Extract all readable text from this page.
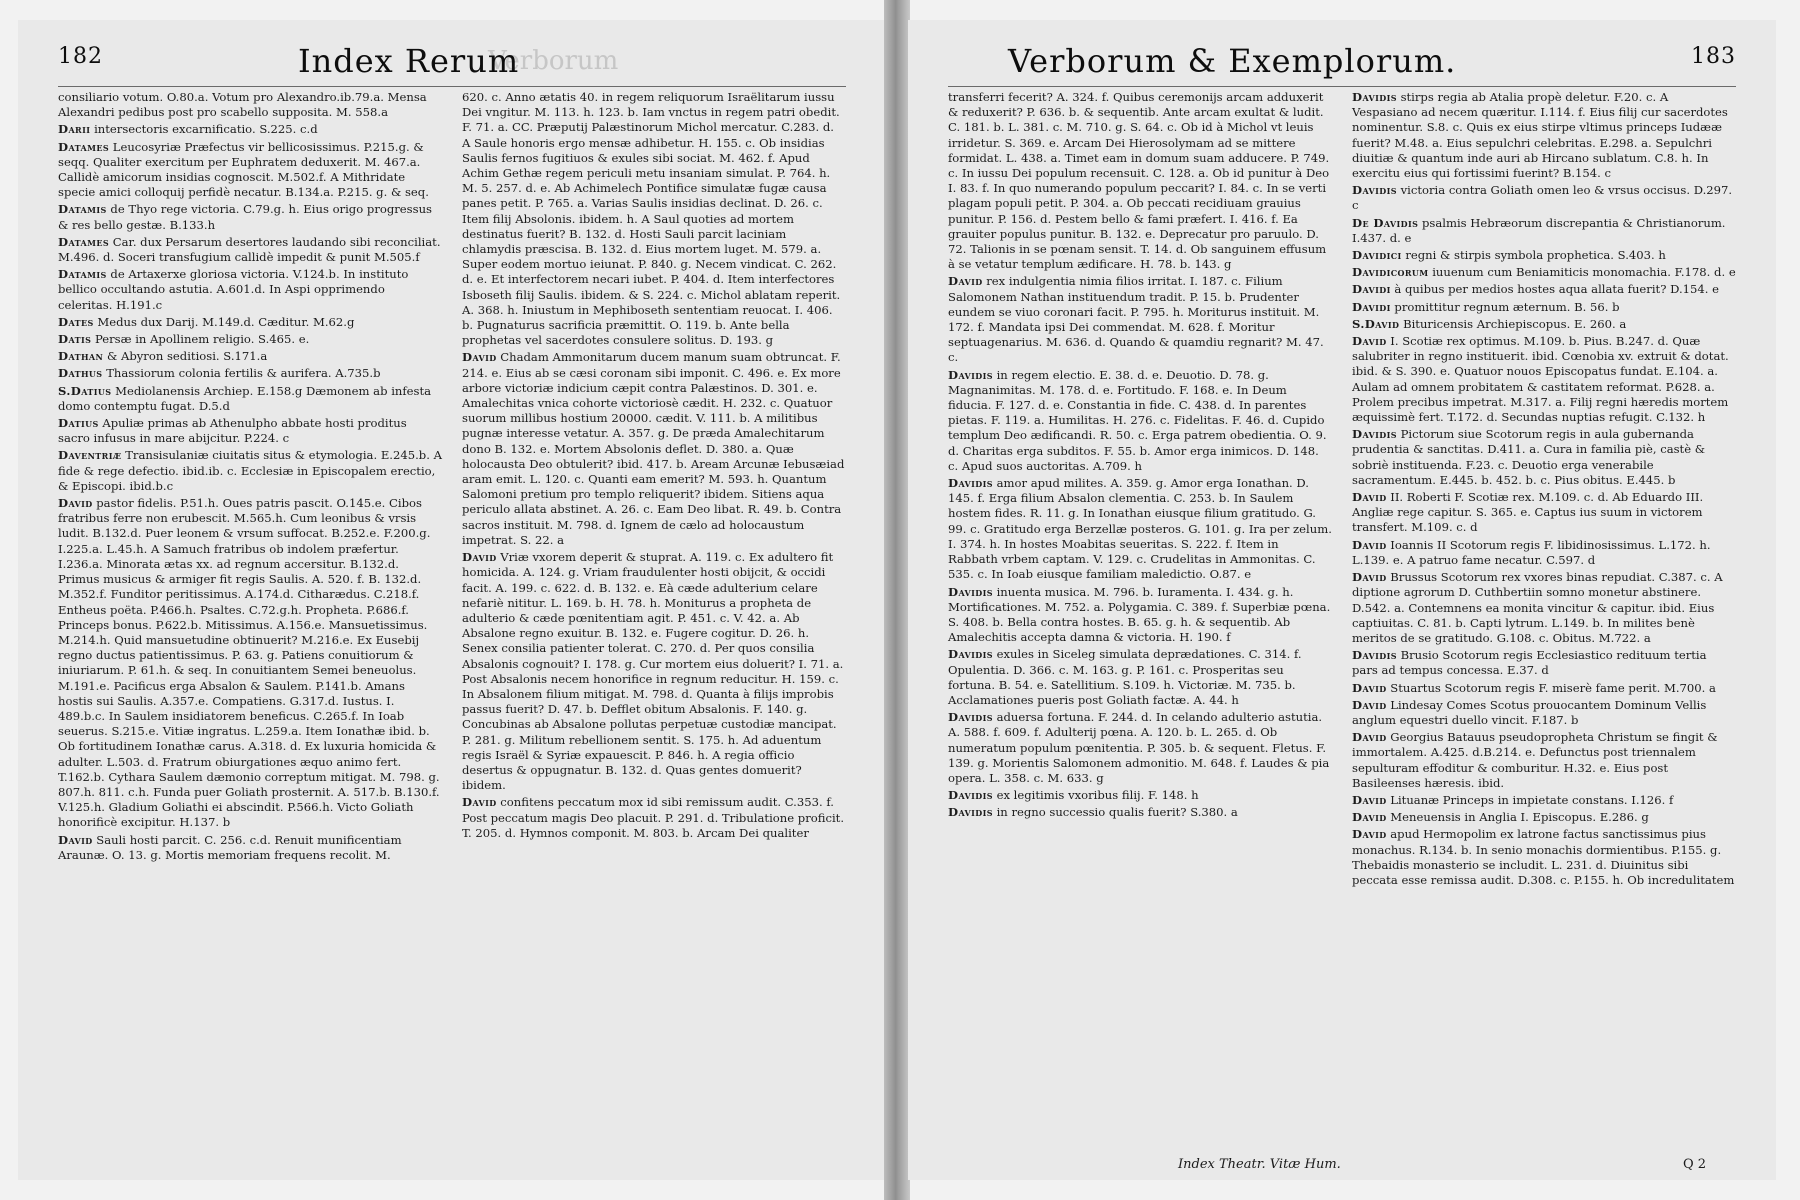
Verborum
182	Index Rerum
consiliario votum. O.80.a. Votum pro Alexandro.ib.79.a. Mensa Alexandri pedibus post pro scabello supposita. M. 558.a
Darii intersectoris excarnificatio. S.225. c.d
Datames Leucosyriæ Præfectus vir bellicosissimus. P.215.g. & seqq. Qualiter exercitum per Euphratem deduxerit. M. 467.a. Callidè amicorum insidias cognoscit. M.502.f. A Mithridate specie amici colloquij perfidè necatur. B.134.a. P.215. g. & seq.
Datamis de Thyo rege victoria. C.79.g. h. Eius origo progressus & res bello gestæ. B.133.h
Datames Car. dux Persarum desertores laudando sibi reconciliat. M.496. d. Soceri transfugium callidè impedit & punit M.505.f
Datamis de Artaxerxe gloriosa victoria. V.124.b. In instituto bellico occultando astutia. A.601.d. In Aspi opprimendo celeritas. H.191.c
Dates Medus dux Darij. M.149.d. Cæditur. M.62.g
Datis Persæ in Apollinem religio. S.465. e.
Dathan & Abyron seditiosi. S.171.a
Dathus Thassiorum colonia fertilis & aurifera. A.735.b
S.Datius Mediolanensis Archiep. E.158.g Dæmonem ab infesta domo contemptu fugat. D.5.d
Datius Apuliæ primas ab Athenulpho abbate hosti proditus sacro infusus in mare abijcitur. P.224. c
Daventriæ Transisulaniæ ciuitatis situs & etymologia. E.245.b. A fide & rege defectio. ibid.ib. c. Ecclesiæ in Episcopalem erectio, & Episcopi. ibid.b.c
David pastor fidelis. P.51.h. Oues patris pascit. O.145.e. Cibos fratribus ferre non erubescit. M.565.h. Cum leonibus & vrsis ludit. B.132.d. Puer leonem & vrsum suffocat. B.252.e. F.200.g. I.225.a. L.45.h. A Samuch fratribus ob indolem præfertur. I.236.a. Minorata ætas xx. ad regnum accersitur. B.132.d. Primus musicus & armiger fit regis Saulis. A. 520. f. B. 132.d. M.352.f. Funditor peritissimus. A.174.d. Citharædus. C.218.f. Entheus poëta. P.466.h. Psaltes. C.72.g.h. Propheta. P.686.f. Princeps bonus. P.622.b. Mitissimus. A.156.e. Mansuetissimus. M.214.h. Quid mansuetudine obtinuerit? M.216.e. Ex Eusebij regno ductus patientissimus. P. 63. g. Patiens conuitiorum & iniuriarum. P. 61.h. & seq. In conuitiantem Semei beneuolus. M.191.e. Pacificus erga Absalon & Saulem. P.141.b. Amans hostis sui Saulis. A.357.e. Compatiens. G.317.d. Iustus. I. 489.b.c. In Saulem insidiatorem beneficus. C.265.f. In Ioab seuerus. S.215.e. Vitiæ ingratus. L.259.a. Item Ionathæ ibid. b. Ob fortitudinem Ionathæ carus. A.318. d. Ex luxuria homicida & adulter. L.503. d. Fratrum obiurgationes æquo animo fert. T.162.b. Cythara Saulem dæmonio correptum mitigat. M. 798. g. 807.h. 811. c.h. Funda puer Goliath prosternit. A. 517.b. B.130.f. V.125.h. Gladium Goliathi ei abscindit. P.566.h. Victo Goliath honorificè excipitur. H.137. b
David Sauli hosti parcit. C. 256. c.d. Renuit munificentiam Araunæ. O. 13. g. Mortis memoriam frequens recolit. M.
620. c. Anno ætatis 40. in regem reliquorum Israëlitarum iussu Dei vngitur. M. 113. h. 123. b. Iam vnctus in regem patri obedit. F. 71. a. CC. Præputij Palæstinorum Michol mercatur. C.283. d. A Saule honoris ergo mensæ adhibetur. H. 155. c. Ob insidias Saulis fernos fugitiuos & exules sibi sociat. M. 462. f. Apud Achim Gethæ regem periculi metu insaniam simulat. P. 764. h. M. 5. 257. d. e. Ab Achimelech Pontifice simulatæ fugæ causa panes petit. P. 765. a. Varias Saulis insidias declinat. D. 26. c. Item filij Absolonis. ibidem. h. A Saul quoties ad mortem destinatus fuerit? B. 132. d. Hosti Sauli parcit laciniam chlamydis præscisa. B. 132. d. Eius mortem luget. M. 579. a. Super eodem mortuo ieiunat. P. 840. g. Necem vindicat. C. 262. d. e. Et interfectorem necari iubet. P. 404. d. Item interfectores Isboseth filij Saulis. ibidem. & S. 224. c. Michol ablatam reperit. A. 368. h. Iniustum in Mephiboseth sententiam reuocat. I. 406. b. Pugnaturus sacrificia præmittit. O. 119. b. Ante bella prophetas vel sacerdotes consulere solitus. D. 193. g
David Chadam Ammonitarum ducem manum suam obtruncat. F. 214. e. Eius ab se cæsi coronam sibi imponit. C. 496. e. Ex more arbore victoriæ indicium cæpit contra Palæstinos. D. 301. e. Amalechitas vnica cohorte victoriosè cædit. H. 232. c. Quatuor suorum millibus hostium 20000. cædit. V. 111. b. A militibus pugnæ interesse vetatur. A. 357. g. De præda Amalechitarum dono B. 132. e. Mortem Absolonis deflet. D. 380. a. Quæ holocausta Deo obtulerit? ibid. 417. b. Aream Arcunæ Iebusæiad aram emit. L. 120. c. Quanti eam emerit? M. 593. h. Quantum Salomoni pretium pro templo reliquerit? ibidem. Sitiens aqua periculo allata abstinet. A. 26. c. Eam Deo libat. R. 49. b. Contra sacros instituit. M. 798. d. Ignem de cælo ad holocaustum impetrat. S. 22. a
David Vriæ vxorem deperit & stuprat. A. 119. c. Ex adultero fit homicida. A. 124. g. Vriam fraudulenter hosti obijcit, & occidi facit. A. 199. c. 622. d. B. 132. e. Eà cæde adulterium celare nefariè nititur. L. 169. b. H. 78. h. Moniturus a propheta de adulterio & cæde pœnitentiam agit. P. 451. c. V. 42. a. Ab Absalone regno exuitur. B. 132. e. Fugere cogitur. D. 26. h. Senex consilia patienter tolerat. C. 270. d. Per quos consilia Absalonis cognouit? I. 178. g. Cur mortem eius doluerit? I. 71. a. Post Absalonis necem honorifice in regnum reducitur. H. 159. c. In Absalonem filium mitigat. M. 798. d. Quanta à filijs improbis passus fuerit? D. 47. b. Defflet obitum Absalonis. F. 140. g. Concubinas ab Absalone pollutas perpetuæ custodiæ mancipat. P. 281. g. Militum rebellionem sentit. S. 175. h. Ad aduentum regis Israël & Syriæ expauescit. P. 846. h. A regia officio desertus & oppugnatur. B. 132. d. Quas gentes domuerit? ibidem.
David confitens peccatum mox id sibi remissum audit. C.353. f. Post peccatum magis Deo placuit. P. 291. d. Tribulatione proficit. T. 205. d. Hymnos componit. M. 803. b. Arcam Dei qualiter
Verborum & Exemplorum.	183
transferri fecerit? A. 324. f. Quibus ceremonijs arcam adduxerit & reduxerit? P. 636. b. & sequentib. Ante arcam exultat & ludit. C. 181. b. L. 381. c. M. 710. g. S. 64. c. Ob id à Michol vt leuis irridetur. S. 369. e. Arcam Dei Hierosolymam ad se mittere formidat. L. 438. a. Timet eam in domum suam adducere. P. 749. c. In iussu Dei populum recensuit. C. 128. a. Ob id punitur à Deo I. 83. f. In quo numerando populum peccarit? I. 84. c. In se verti plagam populi petit. P. 304. a. Ob peccati recidiuam grauius punitur. P. 156. d. Pestem bello & fami præfert. I. 416. f. Ea grauiter populus punitur. B. 132. e. Deprecatur pro paruulo. D. 72. Talionis in se pœnam sensit. T. 14. d. Ob sanguinem effusum à se vetatur templum ædificare. H. 78. b. 143. g
David rex indulgentia nimia filios irritat. I. 187. c. Filium Salomonem Nathan instituendum tradit. P. 15. b. Prudenter eundem se viuo coronari facit. P. 795. h. Moriturus instituit. M. 172. f. Mandata ipsi Dei commendat. M. 628. f. Moritur septuagenarius. M. 636. d. Quando & quamdiu regnarit? M. 47. c.
Davidis in regem electio. E. 38. d. e. Deuotio. D. 78. g. Magnanimitas. M. 178. d. e. Fortitudo. F. 168. e. In Deum fiducia. F. 127. d. e. Constantia in fide. C. 438. d. In parentes pietas. F. 119. a. Humilitas. H. 276. c. Fidelitas. F. 46. d. Cupido templum Deo ædificandi. R. 50. c. Erga patrem obedientia. O. 9. d. Charitas erga subditos. F. 55. b. Amor erga inimicos. D. 148. c. Apud suos auctoritas. A.709. h
Davidis amor apud milites. A. 359. g. Amor erga Ionathan. D. 145. f. Erga filium Absalon clementia. C. 253. b. In Saulem hostem fides. R. 11. g. In Ionathan eiusque filium gratitudo. G. 99. c. Gratitudo erga Berzellæ posteros. G. 101. g. Ira per zelum. I. 374. h. In hostes Moabitas seueritas. S. 222. f. Item in Rabbath vrbem captam. V. 129. c. Crudelitas in Ammonitas. C. 535. c. In Ioab eiusque familiam maledictio. O.87. e
Davidis inuenta musica. M. 796. b. Iuramenta. I. 434. g. h. Mortificationes. M. 752. a. Polygamia. C. 389. f. Superbiæ pœna. S. 408. b. Bella contra hostes. B. 65. g. h. & sequentib. Ab Amalechitis accepta damna & victoria. H. 190. f
Davidis exules in Siceleg simulata deprædationes. C. 314. f. Opulentia. D. 366. c. M. 163. g. P. 161. c. Prosperitas seu fortuna. B. 54. e. Satellitium. S.109. h. Victoriæ. M. 735. b. Acclamationes pueris post Goliath factæ. A. 44. h
Davidis aduersa fortuna. F. 244. d. In celando adulterio astutia. A. 588. f. 609. f. Adulterij pœna. A. 120. b. L. 265. d. Ob numeratum populum pœnitentia. P. 305. b. & sequent. Fletus. F. 139. g. Morientis Salomonem admonitio. M. 648. f. Laudes & pia opera. L. 358. c. M. 633. g
Davidis ex legitimis vxoribus filij. F. 148. h
Davidis in regno successio qualis fuerit? S.380. a
Davidis stirps regia ab Atalia propè deletur. F.20. c. A Vespasiano ad necem quæritur. I.114. f. Eius filij cur sacerdotes nominentur. S.8. c. Quis ex eius stirpe vltimus princeps Iudææ fuerit? M.48. a. Eius sepulchri celebritas. E.298. a. Sepulchri diuitiæ & quantum inde auri ab Hircano sublatum. C.8. h. In exercitu eius qui fortissimi fuerint? B.154. c
Davidis victoria contra Goliath omen leo & vrsus occisus. D.297. c
De Davidis psalmis Hebræorum discrepantia & Christianorum. I.437. d. e
Davidici regni & stirpis symbola prophetica. S.403. h
Davidicorum iuuenum cum Beniamiticis monomachia. F.178. d. e
Davidi à quibus per medios hostes aqua allata fuerit? D.154. e
Davidi promittitur regnum æternum. B. 56. b
S.David Bituricensis Archiepiscopus. E. 260. a
David I. Scotiæ rex optimus. M.109. b. Pius. B.247. d. Quæ salubriter in regno instituerit. ibid. Cœnobia xv. extruit & dotat. ibid. & S. 390. e. Quatuor nouos Episcopatus fundat. E.104. a. Aulam ad omnem probitatem & castitatem reformat. P.628. a. Prolem precibus impetrat. M.317. a. Filij regni hæredis mortem æquissimè fert. T.172. d. Secundas nuptias refugit. C.132. h
Davidis Pictorum siue Scotorum regis in aula gubernanda prudentia & sanctitas. D.411. a. Cura in familia piè, castè & sobriè instituenda. F.23. c. Deuotio erga venerabile sacramentum. E.445. b. 452. b. c. Pius obitus. E.445. b
David II. Roberti F. Scotiæ rex. M.109. c. d. Ab Eduardo III. Angliæ rege capitur. S. 365. e. Captus ius suum in victorem transfert. M.109. c. d
David Ioannis II Scotorum regis F. libidinosissimus. L.172. h. L.139. e. A patruo fame necatur. C.597. d
David Brussus Scotorum rex vxores binas repudiat. C.387. c. A diptione agrorum D. Cuthbertiin somno monetur abstinere. D.542. a. Contemnens ea monita vincitur & capitur. ibid. Eius captiuitas. C. 81. b. Capti lytrum. L.149. b. In milites benè meritos de se gratitudo. G.108. c. Obitus. M.722. a
Davidis Brusio Scotorum regis Ecclesiastico redituum tertia pars ad tempus concessa. E.37. d
David Stuartus Scotorum regis F. miserè fame perit. M.700. a
David Lindesay Comes Scotus prouocantem Dominum Vellis anglum equestri duello vincit. F.187. b
David Georgius Batauus pseudopropheta Christum se fingit & immortalem. A.425. d.B.214. e. Defunctus post triennalem sepulturam effoditur & comburitur. H.32. e. Eius post Basileenses hæresis. ibid.
David Lituanæ Princeps in impietate constans. I.126. f
David Meneuensis in Anglia I. Episcopus. E.286. g
David apud Hermopolim ex latrone factus sanctissimus pius monachus. R.134. b. In senio monachis dormientibus. P.155. g. Thebaidis monasterio se includit. L. 231. d. Diuinitus sibi peccata esse remissa audit. D.308. c. P.155. h. Ob incredulitatem
Index Theatr. Vitæ Hum.	Q 2
